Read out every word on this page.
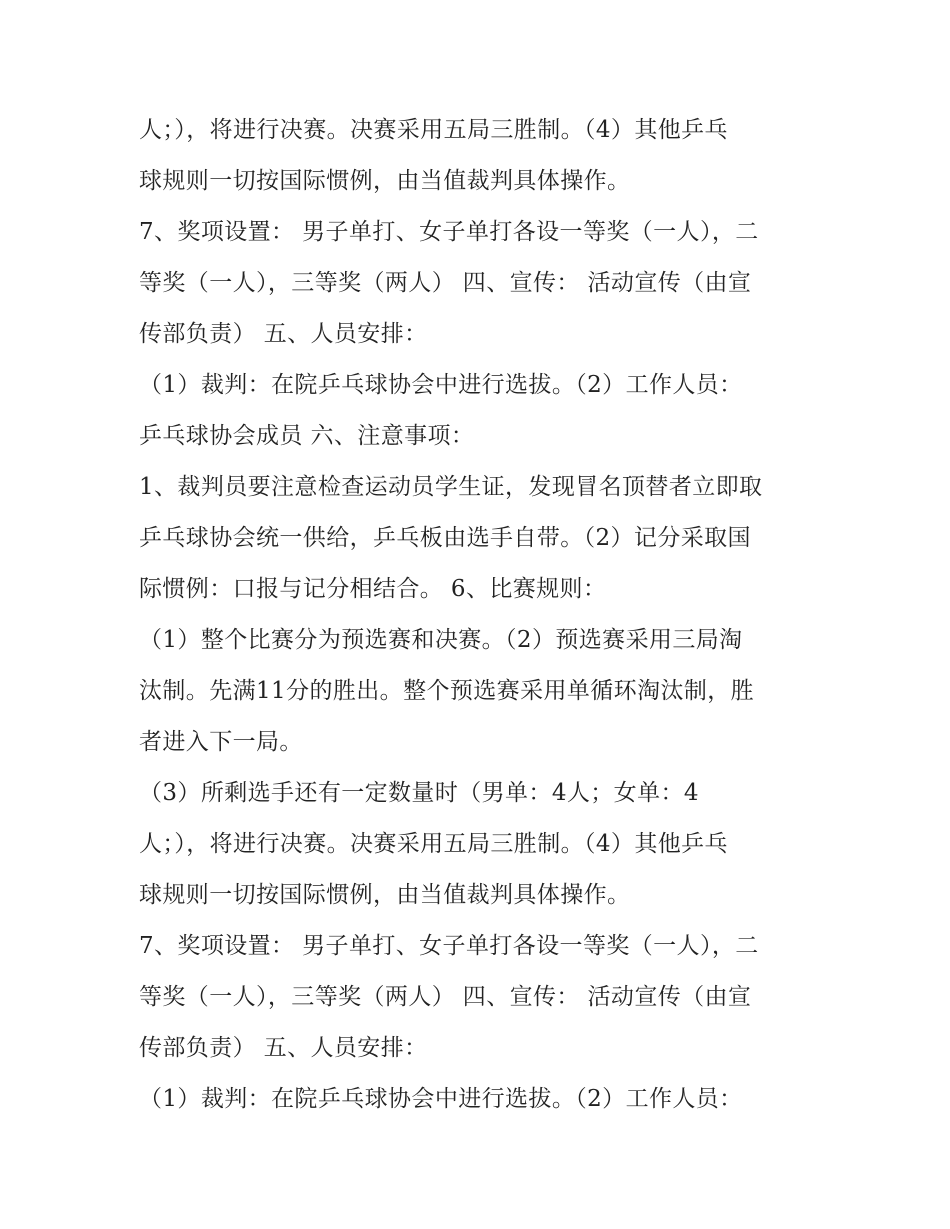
人；），将进行决赛。决赛采用五局三胜制。（4）其他乒乓
球规则一切按国际惯例，由当值裁判具体操作。
7、奖项设置： 男子单打、女子单打各设一等奖（一人），二
等奖（一人），三等奖（两人） 四、宣传： 活动宣传（由宣
传部负责） 五、人员安排：
（1）裁判：在院乒乓球协会中进行选拔。（2）工作人员：
乒乓球协会成员 六、注意事项：
1、裁判员要注意检查运动员学生证，发现冒名顶替者立即取
乒乓球协会统一供给，乒乓板由选手自带。（2）记分采取国
际惯例：口报与记分相结合。 6、比赛规则：
（1）整个比赛分为预选赛和决赛。（2）预选赛采用三局淘
汰制。先满11分的胜出。整个预选赛采用单循环淘汰制，胜
者进入下一局。
（3）所剩选手还有一定数量时（男单：4人；女单：4
人；），将进行决赛。决赛采用五局三胜制。（4）其他乒乓
球规则一切按国际惯例，由当值裁判具体操作。
7、奖项设置： 男子单打、女子单打各设一等奖（一人），二
等奖（一人），三等奖（两人） 四、宣传： 活动宣传（由宣
传部负责） 五、人员安排：
（1）裁判：在院乒乓球协会中进行选拔。（2）工作人员：
